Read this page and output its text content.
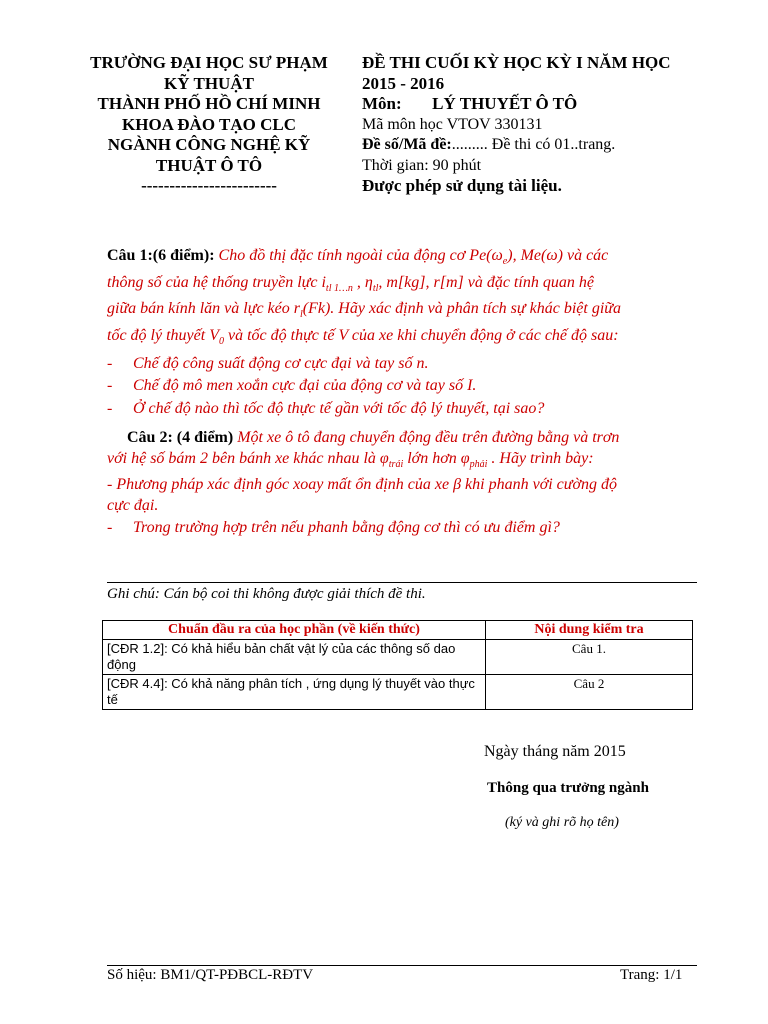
TRƯỜNG ĐẠI HỌC SƯ PHẠM
KỸ THUẬT
THÀNH PHỐ HỒ CHÍ MINH
KHOA ĐÀO TẠO CLC
NGÀNH CÔNG NGHỆ KỸ
THUẬT Ô TÔ
------------------------
ĐỀ THI CUỐI KỲ HỌC KỲ I NĂM HỌC
2015 - 2016
Môn: LÝ THUYẾT Ô TÔ
Mã môn học VTOV 330131
Đề số/Mã đề:......... Đề thi có 01..trang.
Thời gian: 90 phút
Được phép sử dụng tài liệu.
Câu 1:(6 điểm): Cho đồ thị đặc tính ngoài của động cơ $Pe(\omega_e)$, Me(ω) và các
thông số của hệ thống truyền lực $i_{tl 1\dots n}$ , $\eta_{tl}$, m[kg], r[m] và đặc tính quan hệ
giữa bán kính lăn và lực kéo $r_l(Fk)$. Hãy xác định và phân tích sự khác biệt giữa
tốc độ lý thuyết $V_0$ và tốc độ thực tế V của xe khi chuyển động ở các chế độ sau:
- Chế độ công suất động cơ cực đại và tay số n.
- Chế độ mô men xoắn cực đại của động cơ và tay số I.
- Ở chế độ nào thì tốc độ thực tế gần với tốc độ lý thuyết, tại sao?
Câu 2: (4 điểm) Một xe ô tô đang chuyển động đều trên đường bằng và trơn
với hệ số bám 2 bên bánh xe khác nhau là $\varphi_{trái}$ lớn hơn $\varphi_{phải}$ . Hãy trình bày:
- Phương pháp xác định góc xoay mất ổn định của xe β khi phanh với cường độ
cực đại.
- Trong trường hợp trên nếu phanh bằng động cơ thì có ưu điểm gì?
Ghi chú: Cán bộ coi thi không được giải thích đề thi.
Chuẩn đầu ra của học phần (về kiến thức)	Nội dung kiểm tra
[CĐR 1.2]: Có khả hiểu bản chất vật lý của các thông số dao động	Câu 1.
[CĐR 4.4]: Có khả năng phân tích , ứng dụng lý thuyết vào thực tế	Câu 2
Ngày tháng năm 2015
Thông qua trưởng ngành
(ký và ghi rõ họ tên)
Số hiệu: BM1/QT-PĐBCL-RĐTV	Trang: 1/1
